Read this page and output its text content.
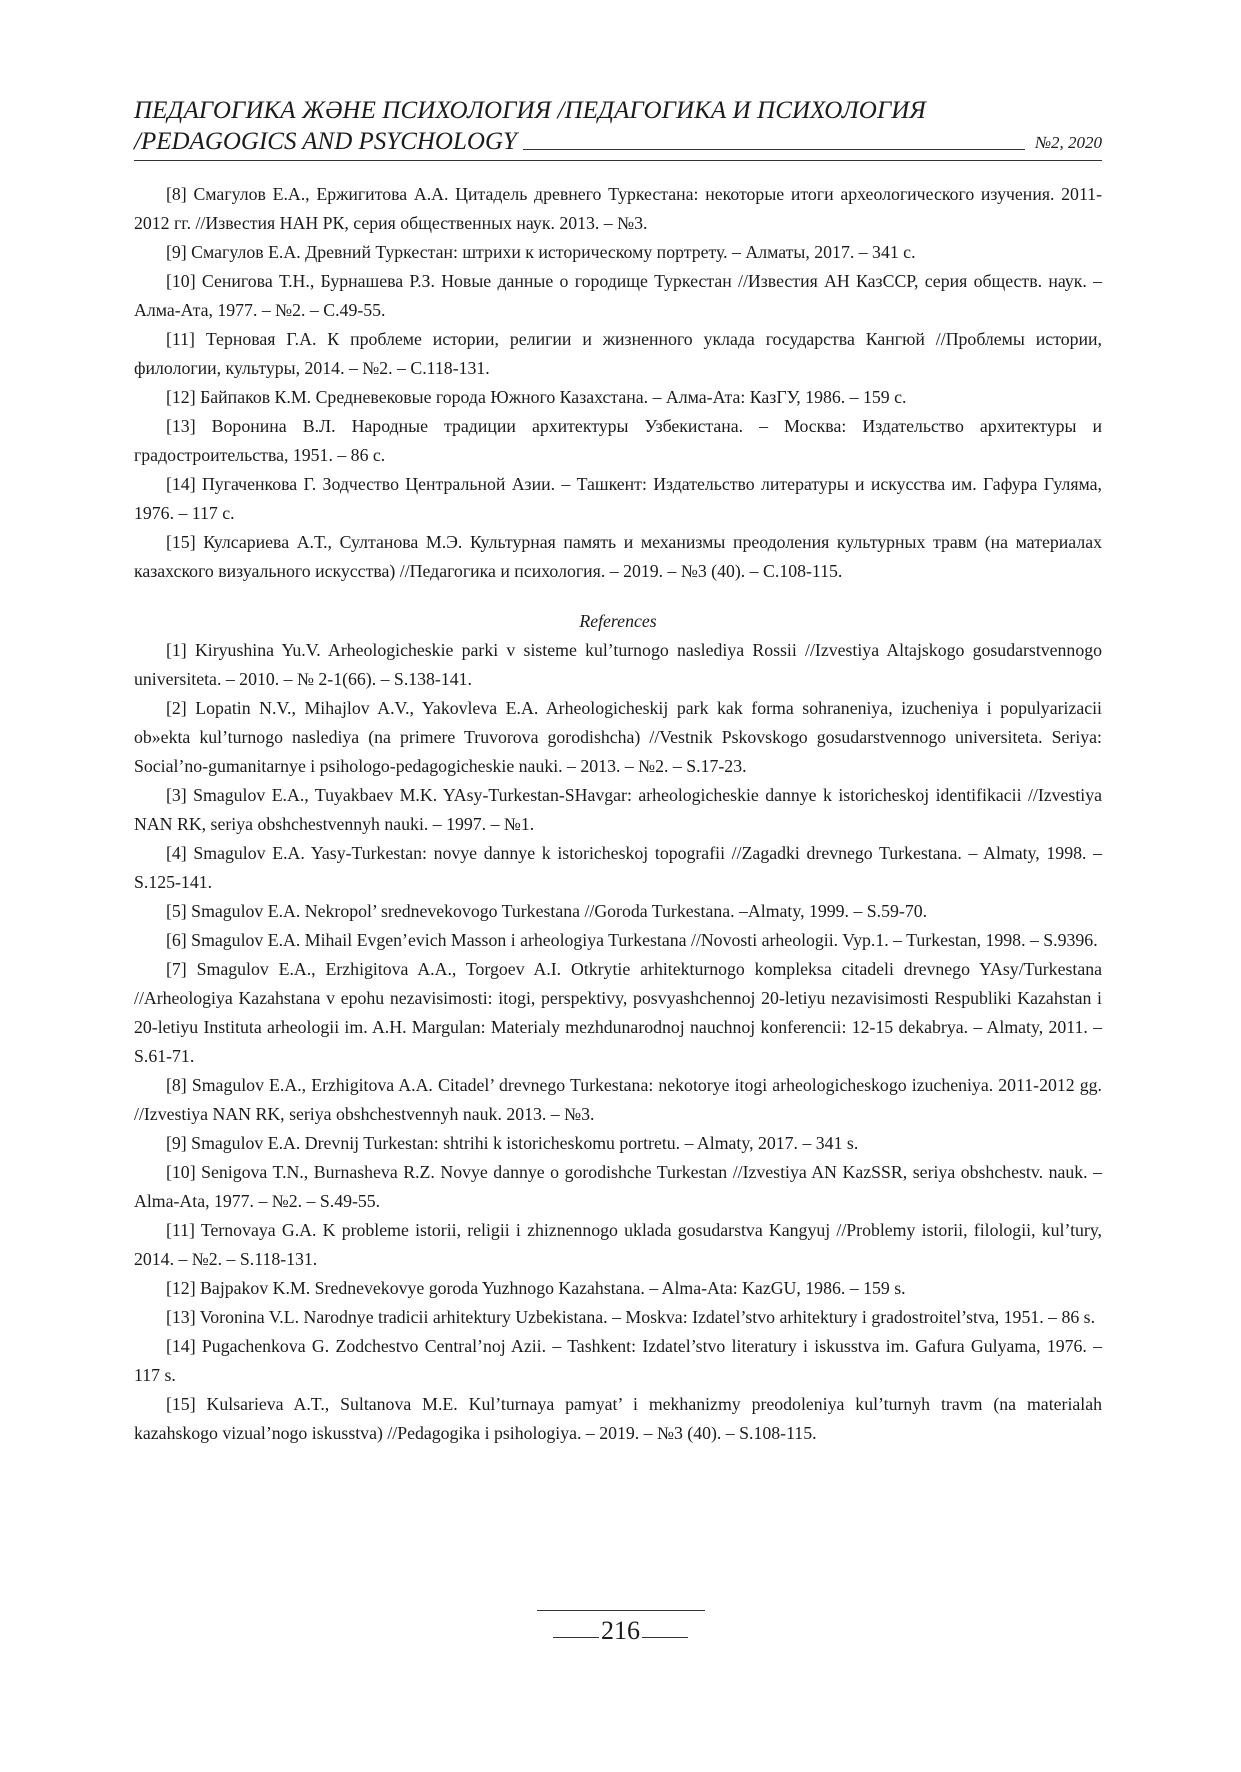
ПЕДАГОГИКА ЖӘНЕ ПСИХОЛОГИЯ /ПЕДАГОГИКА И ПСИХОЛОГИЯ
/PEDAGOGICS AND PSYCHOLOGY	№2, 2020

[8] Смагулов Е.А., Ержигитова А.А. Цитадель древнего Туркестана: некоторые итоги археологического изучения. 2011-2012 гг. //Известия НАН РК, серия общественных наук. 2013. – №3.

[9] Смагулов Е.А. Древний Туркестан: штрихи к историческому портрету. – Алматы, 2017. – 341 с.

[10] Сенигова Т.Н., Бурнашева Р.З. Новые данные о городище Туркестан //Известия АН КазССР, серия обществ. наук. – Алма-Ата, 1977. – №2. – С.49-55.

[11] Терновая Г.А. К проблеме истории, религии и жизненного уклада государства Кангюй //Проблемы истории, филологии, культуры, 2014. – №2. – С.118-131.

[12] Байпаков К.М. Средневековые города Южного Казахстана. – Алма-Ата: КазГУ, 1986. – 159 с.

[13] Воронина В.Л. Народные традиции архитектуры Узбекистана. – Москва: Издательство архитектуры и градостроительства, 1951. – 86 с.

[14] Пугаченкова Г. Зодчество Центральной Азии. – Ташкент: Издательство литературы и искусства им. Гафура Гуляма, 1976. – 117 с.

[15] Кулсариева А.Т., Султанова М.Э. Культурная память и механизмы преодоления культурных травм (на материалах казахского визуального искусства) //Педагогика и психология. – 2019. – №3 (40). – С.108-115.

References

[1] Kiryushina Yu.V. Arheologicheskie parki v sisteme kul’turnogo naslediya Rossii //Izvestiya Altajskogo gosudarstvennogo universiteta. – 2010. – № 2-1(66). – S.138-141.

[2] Lopatin N.V., Mihajlov A.V., Yakovleva E.A. Arheologicheskij park kak forma sohraneniya, izucheniya i populyarizacii ob»ekta kul’turnogo naslediya (na primere Truvorova gorodishcha) //Vestnik Pskovskogo gosudarstvennogo universiteta. Seriya: Social’no-gumanitarnye i psihologo-pedagogicheskie nauki. – 2013. – №2. – S.17-23.

[3] Smagulov E.A., Tuyakbaev M.K. YAsy-Turkestan-SHavgar: arheologicheskie dannye k istoricheskoj identifikacii //Izvestiya NAN RK, seriya obshchestvennyh nauki. – 1997. – №1.

[4] Smagulov E.A. Yasy-Turkestan: novye dannye k istoricheskoj topografii //Zagadki drevnego Turkestana. – Almaty, 1998. – S.125-141.

[5] Smagulov E.A. Nekropol’ srednevekovogo Turkestana //Goroda Turkestana. –Almaty, 1999. – S.59-70.

[6] Smagulov E.A. Mihail Evgen’evich Masson i arheologiya Turkestana //Novosti arheologii. Vyp.1. – Turkestan, 1998. – S.9396.

[7] Smagulov E.A., Erzhigitova A.A., Torgoev A.I. Otkrytie arhitekturnogo kompleksa citadeli drevnego YAsy/Turkestana //Arheologiya Kazahstana v epohu nezavisimosti: itogi, perspektivy, posvyashchennoj 20-letiyu nezavisimosti Respubliki Kazahstan i 20-letiyu Instituta arheologii im. A.H. Margulan: Materialy mezhdunarodnoj nauchnoj konferencii: 12-15 dekabrya. – Almaty, 2011. – S.61-71.

[8] Smagulov E.A., Erzhigitova A.A. Citadel’ drevnego Turkestana: nekotorye itogi arheologicheskogo izucheniya. 2011-2012 gg. //Izvestiya NAN RK, seriya obshchestvennyh nauk. 2013. – №3.

[9] Smagulov E.A. Drevnij Turkestan: shtrihi k istoricheskomu portretu. – Almaty, 2017. – 341 s.

[10] Senigova T.N., Burnasheva R.Z. Novye dannye o gorodishche Turkestan //Izvestiya AN KazSSR, seriya obshchestv. nauk. – Alma-Ata, 1977. – №2. – S.49-55.

[11] Ternovaya G.A. K probleme istorii, religii i zhiznennogo uklada gosudarstva Kangyuj //Problemy istorii, filologii, kul’tury, 2014. – №2. – S.118-131.

[12] Bajpakov K.M. Srednevekovye goroda Yuzhnogo Kazahstana. – Alma-Ata: KazGU, 1986. – 159 s.

[13] Voronina V.L. Narodnye tradicii arhitektury Uzbekistana. – Moskva: Izdatel’stvo arhitektury i gradostroitel’stva, 1951. – 86 s.

[14] Pugachenkova G. Zodchestvo Central’noj Azii. – Tashkent: Izdatel’stvo literatury i iskusstva im. Gafura Gulyama, 1976. – 117 s.

[15] Kulsarieva A.T., Sultanova M.E. Kul’turnaya pamyat’ i mekhanizmy preodoleniya kul’turnyh travm (na materialah kazahskogo vizual’nogo iskusstva) //Pedagogika i psihologiya. – 2019. – №3 (40). – S.108-115.

216
